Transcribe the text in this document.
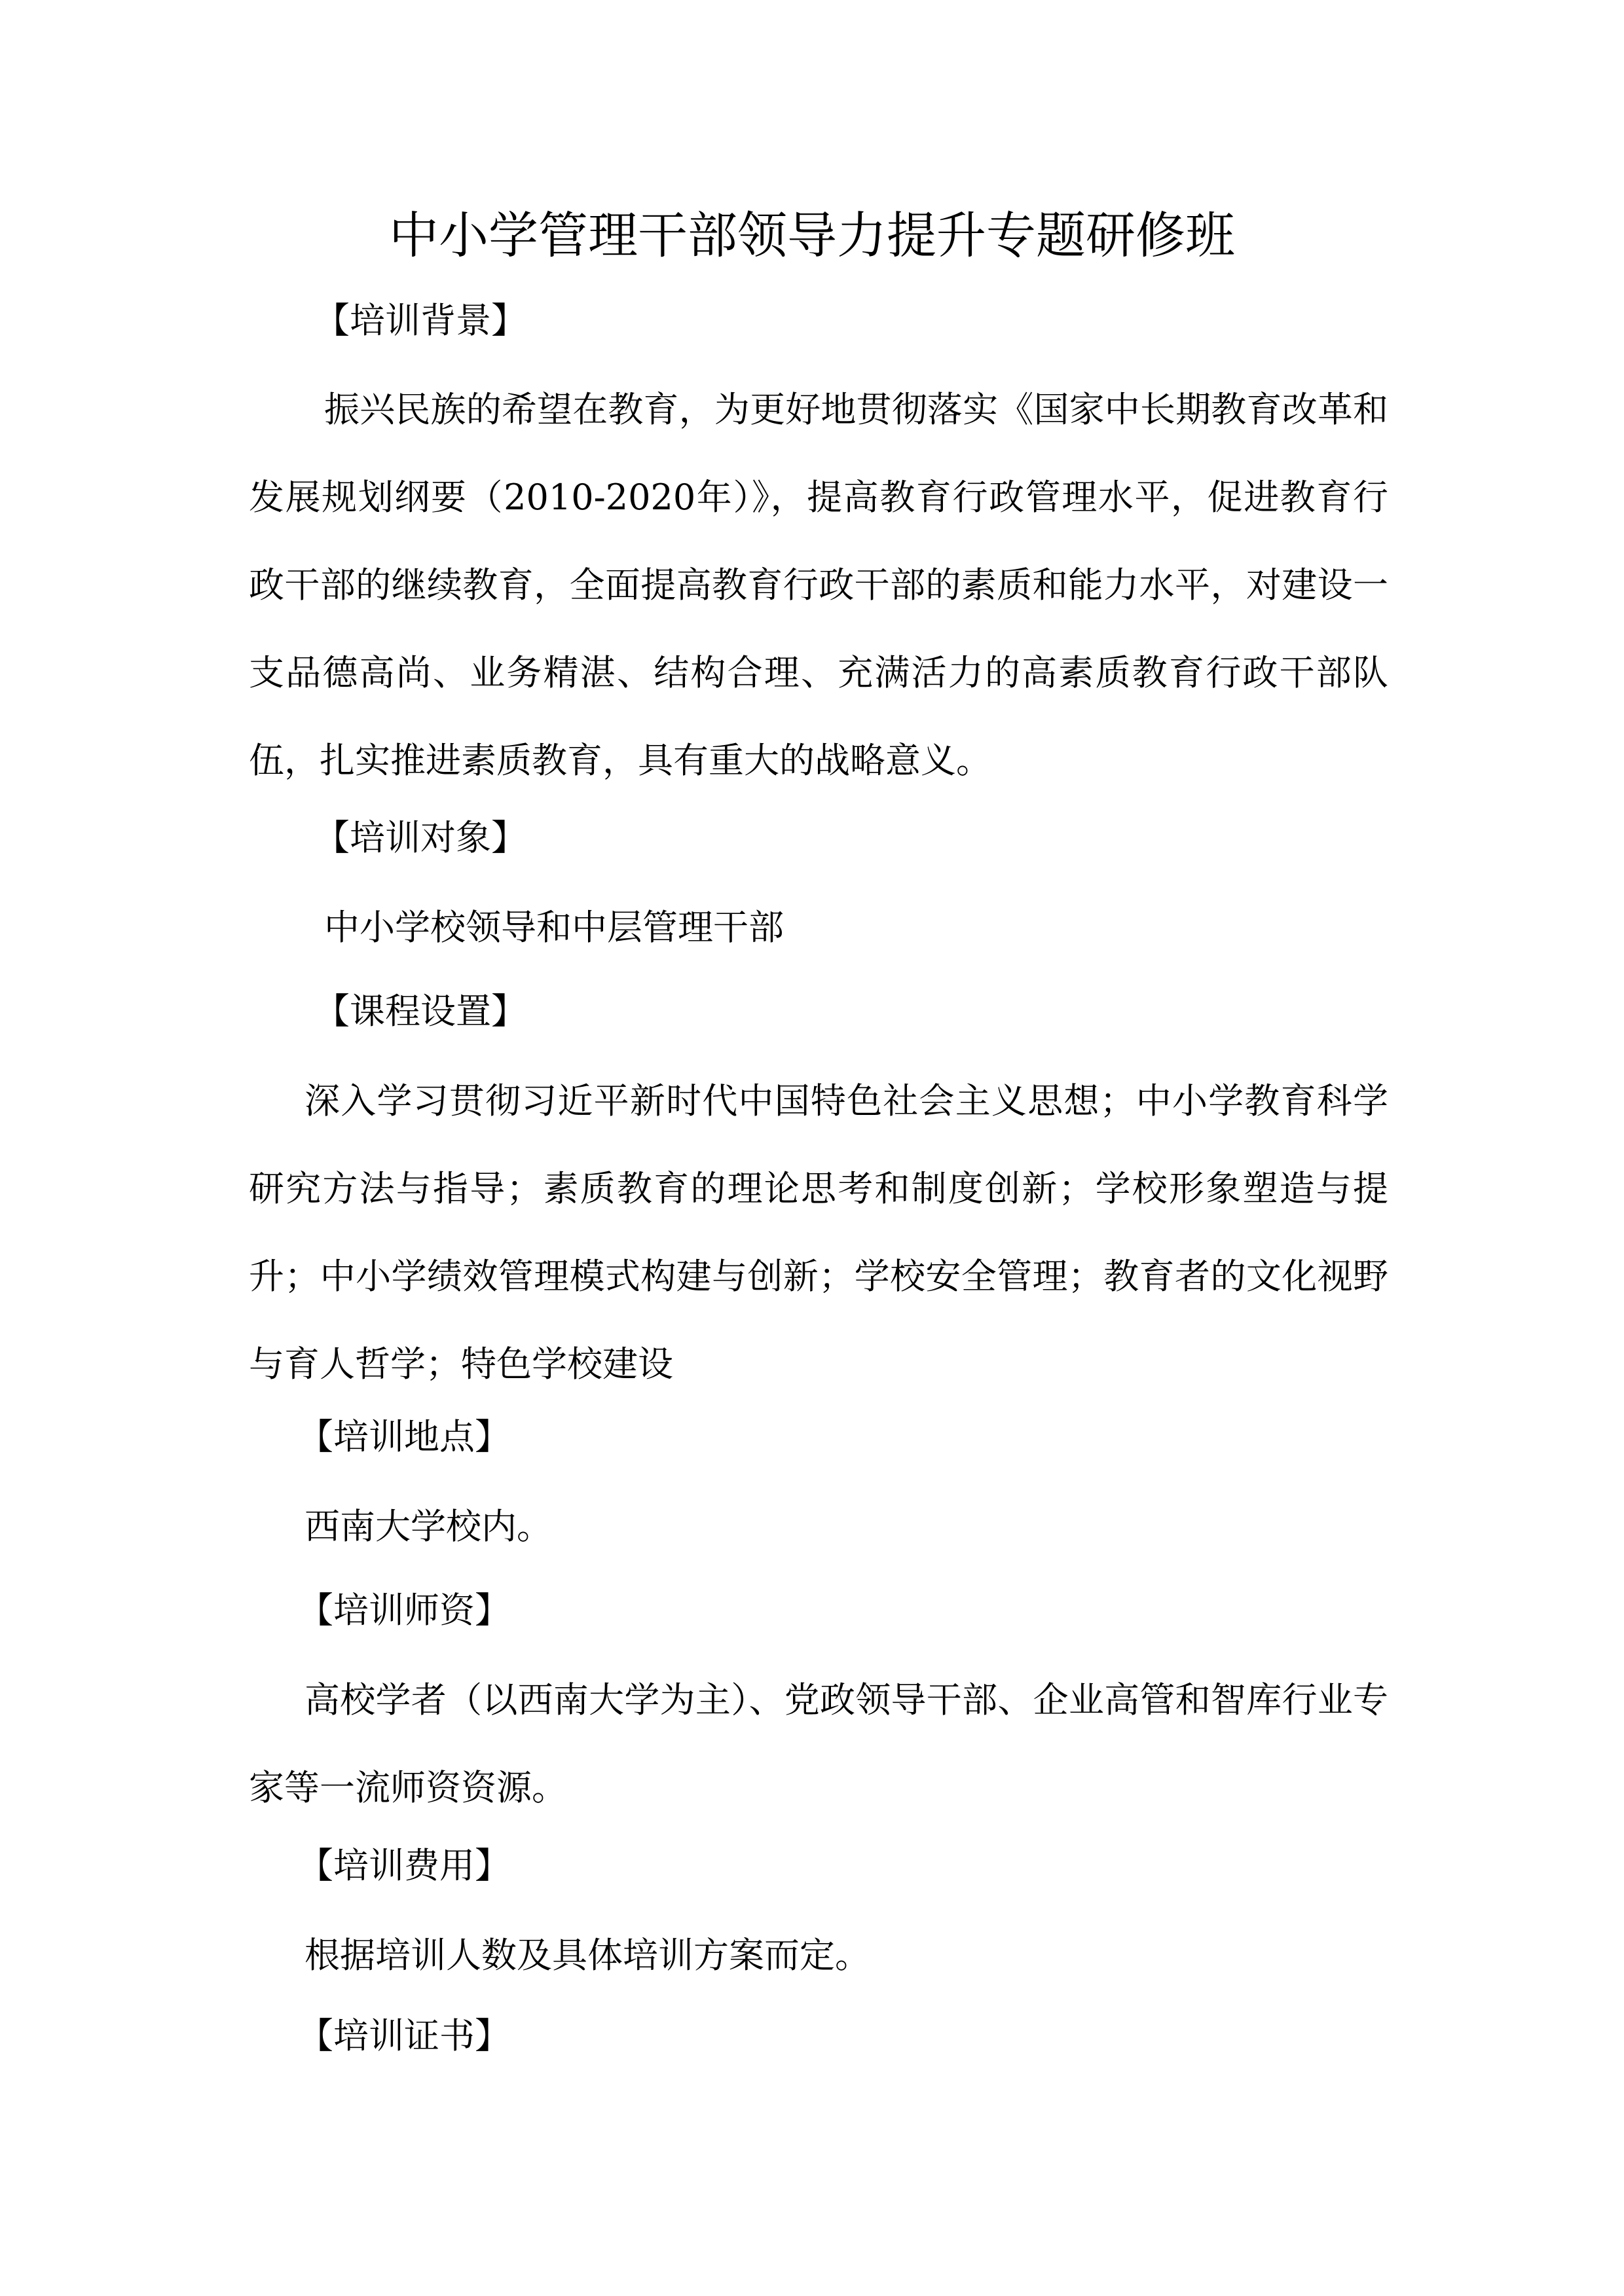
中小学管理干部领导力提升专题研修班
【培训背景】
振兴民族的希望在教育，为更好地贯彻落实《国家中长期教育改革和发展规划纲要（2010-2020年）》，提高教育行政管理水平，促进教育行政干部的继续教育，全面提高教育行政干部的素质和能力水平，对建设一支品德高尚、业务精湛、结构合理、充满活力的高素质教育行政干部队伍，扎实推进素质教育，具有重大的战略意义。
【培训对象】
中小学校领导和中层管理干部
【课程设置】
深入学习贯彻习近平新时代中国特色社会主义思想；中小学教育科学研究方法与指导；素质教育的理论思考和制度创新；学校形象塑造与提升；中小学绩效管理模式构建与创新；学校安全管理；教育者的文化视野与育人哲学；特色学校建设
【培训地点】
西南大学校内。
【培训师资】
高校学者（以西南大学为主）、党政领导干部、企业高管和智库行业专家等一流师资资源。
【培训费用】
根据培训人数及具体培训方案而定。
【培训证书】
